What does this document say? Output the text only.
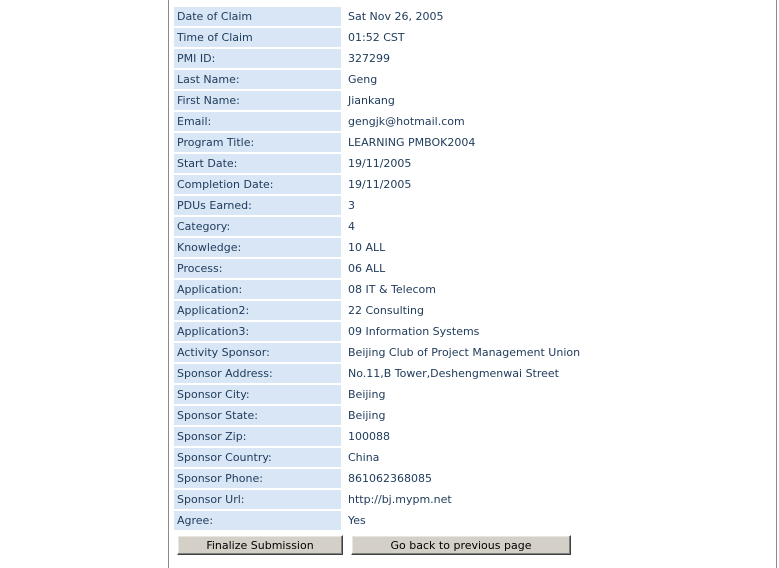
Date of Claim	Sat Nov 26, 2005
Time of Claim	01:52 CST
PMI ID:	327299
Last Name:	Geng
First Name:	Jiankang
Email:	gengjk@hotmail.com
Program Title:	LEARNING PMBOK2004
Start Date:	19/11/2005
Completion Date:	19/11/2005
PDUs Earned:	3
Category:	4
Knowledge:	10 ALL
Process:	06 ALL
Application:	08 IT & Telecom
Application2:	22 Consulting
Application3:	09 Information Systems
Activity Sponsor:	Beijing Club of Project Management Union
Sponsor Address:	No.11,B Tower,Deshengmenwai Street
Sponsor City:	Beijing
Sponsor State:	Beijing
Sponsor Zip:	100088
Sponsor Country:	China
Sponsor Phone:	861062368085
Sponsor Url:	http://bj.mypm.net
Agree:	Yes
Finalize Submission	Go back to previous page
